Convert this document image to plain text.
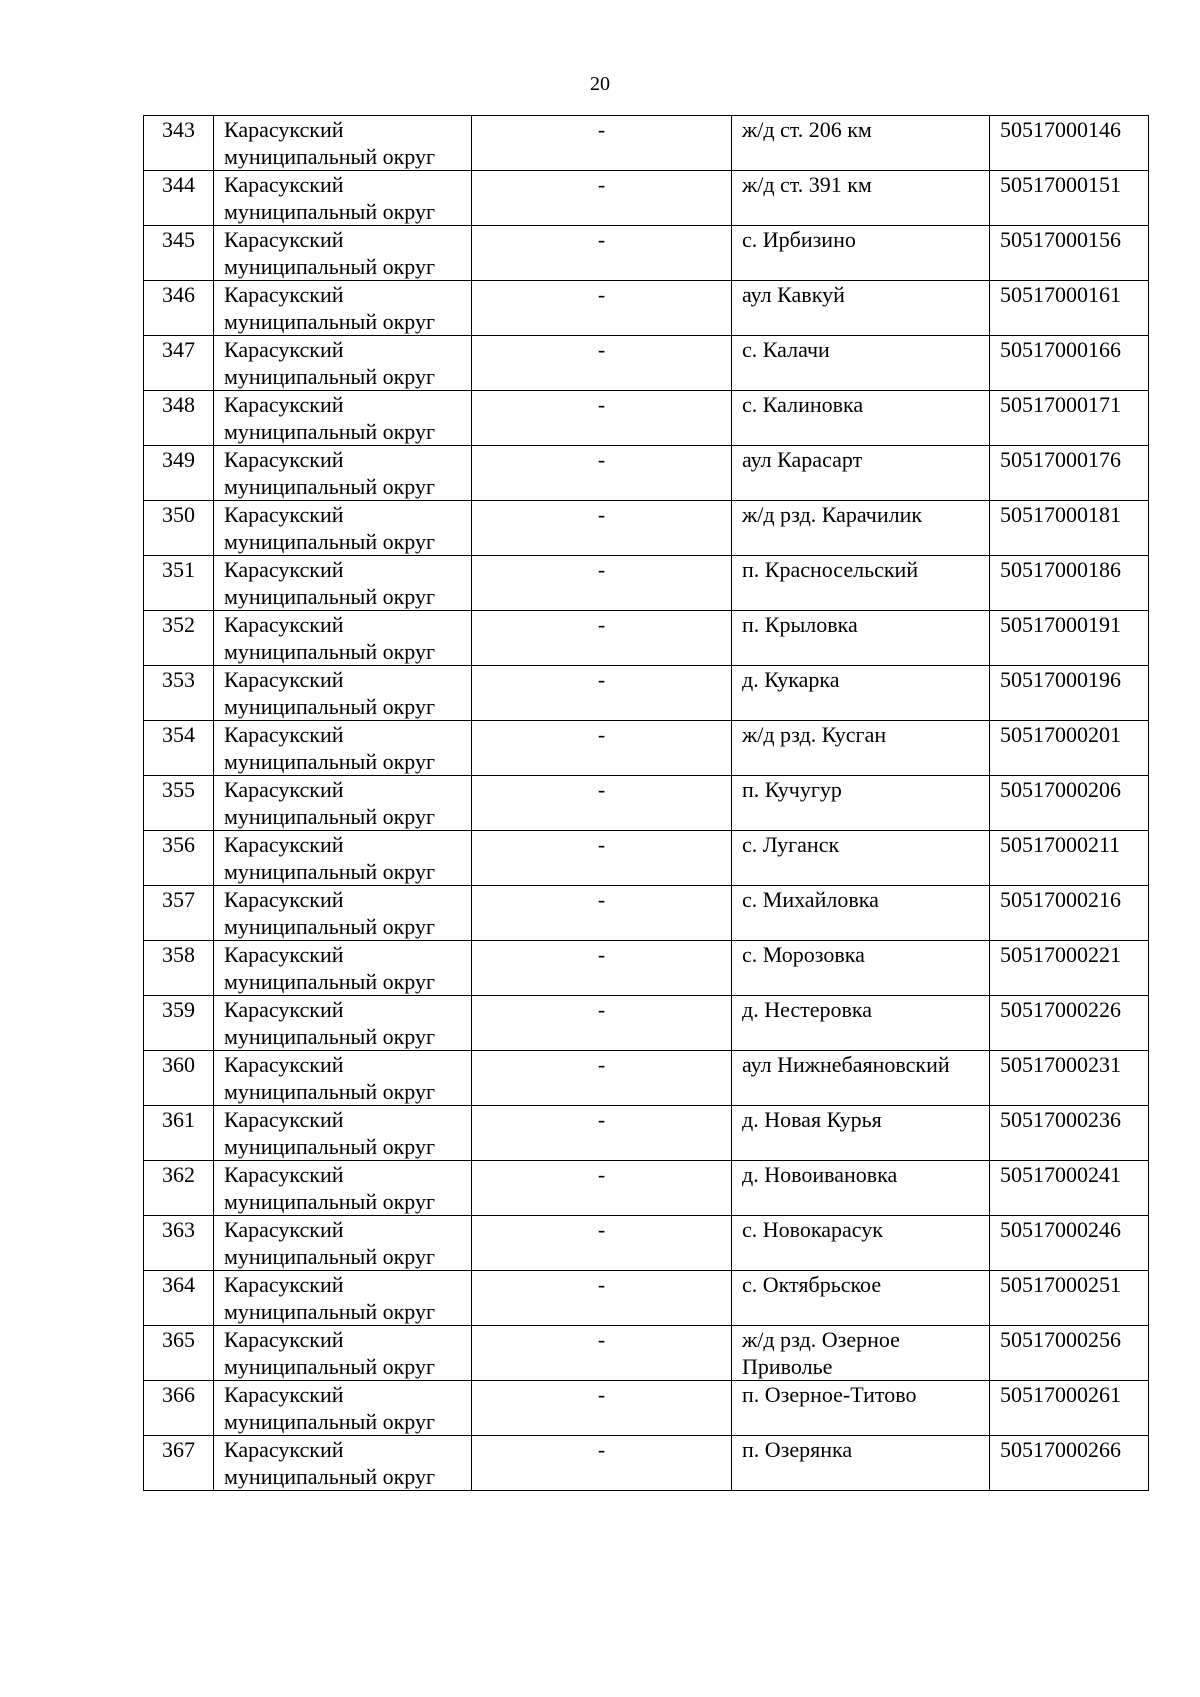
20
343	Карасукский муниципальный округ	-	ж/д ст. 206 км	50517000146
344	Карасукский муниципальный округ	-	ж/д ст. 391 км	50517000151
345	Карасукский муниципальный округ	-	с. Ирбизино	50517000156
346	Карасукский муниципальный округ	-	аул Кавкуй	50517000161
347	Карасукский муниципальный округ	-	с. Калачи	50517000166
348	Карасукский муниципальный округ	-	с. Калиновка	50517000171
349	Карасукский муниципальный округ	-	аул Карасарт	50517000176
350	Карасукский муниципальный округ	-	ж/д рзд. Карачилик	50517000181
351	Карасукский муниципальный округ	-	п. Красносельский	50517000186
352	Карасукский муниципальный округ	-	п. Крыловка	50517000191
353	Карасукский муниципальный округ	-	д. Кукарка	50517000196
354	Карасукский муниципальный округ	-	ж/д рзд. Кусган	50517000201
355	Карасукский муниципальный округ	-	п. Кучугур	50517000206
356	Карасукский муниципальный округ	-	с. Луганск	50517000211
357	Карасукский муниципальный округ	-	с. Михайловка	50517000216
358	Карасукский муниципальный округ	-	с. Морозовка	50517000221
359	Карасукский муниципальный округ	-	д. Нестеровка	50517000226
360	Карасукский муниципальный округ	-	аул Нижнебаяновский	50517000231
361	Карасукский муниципальный округ	-	д. Новая Курья	50517000236
362	Карасукский муниципальный округ	-	д. Новоивановка	50517000241
363	Карасукский муниципальный округ	-	с. Новокарасук	50517000246
364	Карасукский муниципальный округ	-	с. Октябрьское	50517000251
365	Карасукский муниципальный округ	-	ж/д рзд. Озерное Приволье	50517000256
366	Карасукский муниципальный округ	-	п. Озерное-Титово	50517000261
367	Карасукский муниципальный округ	-	п. Озерянка	50517000266
